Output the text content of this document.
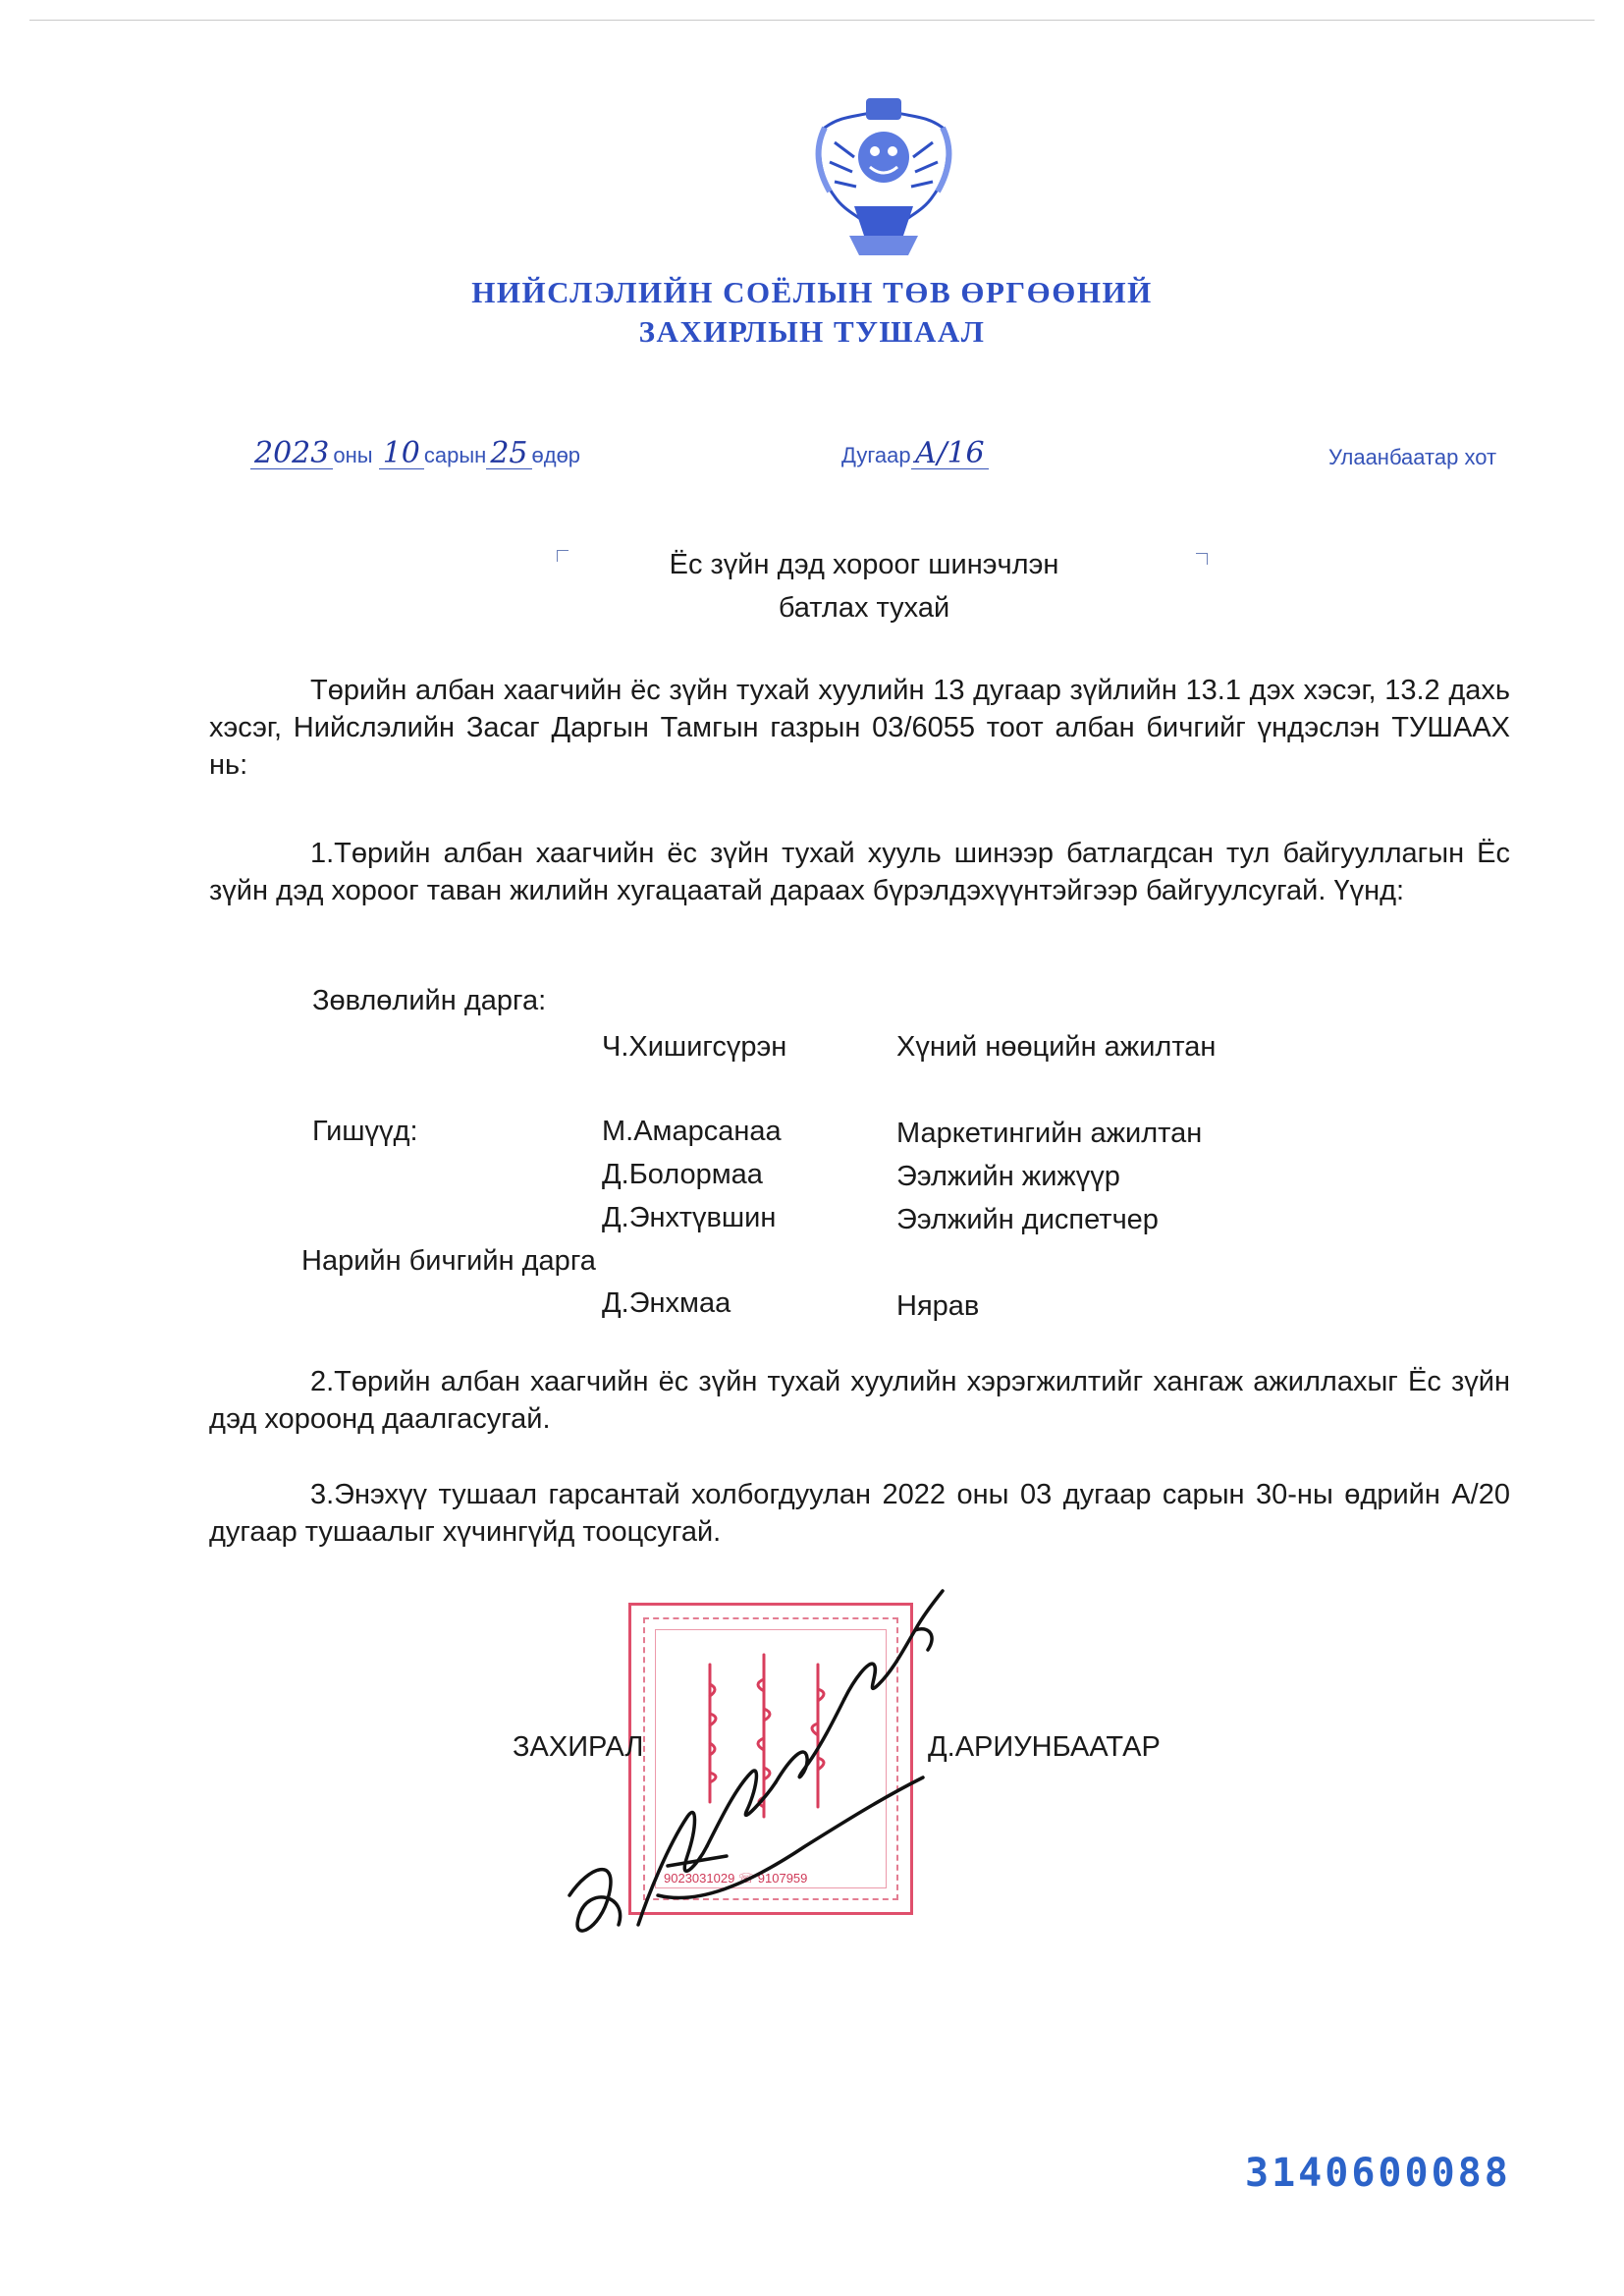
НИЙСЛЭЛИЙН СОЁЛЫН ТӨВ ӨРГӨӨНИЙ
ЗАХИРЛЫН ТУШААЛ
2023 оны 10 сарын 25 өдөр	Дугаар А/16	Улаанбаатар хот
Ёс зүйн дэд хороог шинэчлэн
батлах тухай

Төрийн албан хаагчийн ёс зүйн тухай хуулийн 13 дугаар зүйлийн 13.1 дэх хэсэг, 13.2 дахь хэсэг, Нийслэлийн Засаг Даргын Тамгын газрын 03/6055 тоот албан бичгийг үндэслэн ТУШААХ нь:

1.Төрийн албан хаагчийн ёс зүйн тухай хууль шинээр батлагдсан тул байгууллагын Ёс зүйн дэд хороог таван жилийн хугацаатай дараах бүрэлдэхүүнтэйгээр байгуулсугай. Үүнд:

Зөвлөлийн дарга:
Ч.Хишигсүрэн	Хүний нөөцийн ажилтан
Гишүүд:	М.Амарсанаа	Маркетингийн ажилтан
Д.Болормаа	Ээлжийн жижүүр
Д.Энхтүвшин	Ээлжийн диспетчер
Нарийн бичгийн дарга
Д.Энхмаа	Нярав

2.Төрийн албан хаагчийн ёс зүйн тухай хуулийн хэрэгжилтийг хангаж ажиллахыг Ёс зүйн дэд хороонд даалгасугай.

3.Энэхүү тушаал гарсантай холбогдуулан 2022 оны 03 дугаар сарын 30-ны өдрийн А/20 дугаар тушаалыг хүчингүйд тооцсугай.

9023031029 ☏ 9107959
ЗАХИРАЛ	Д.АРИУНБААТАР
3140600088
